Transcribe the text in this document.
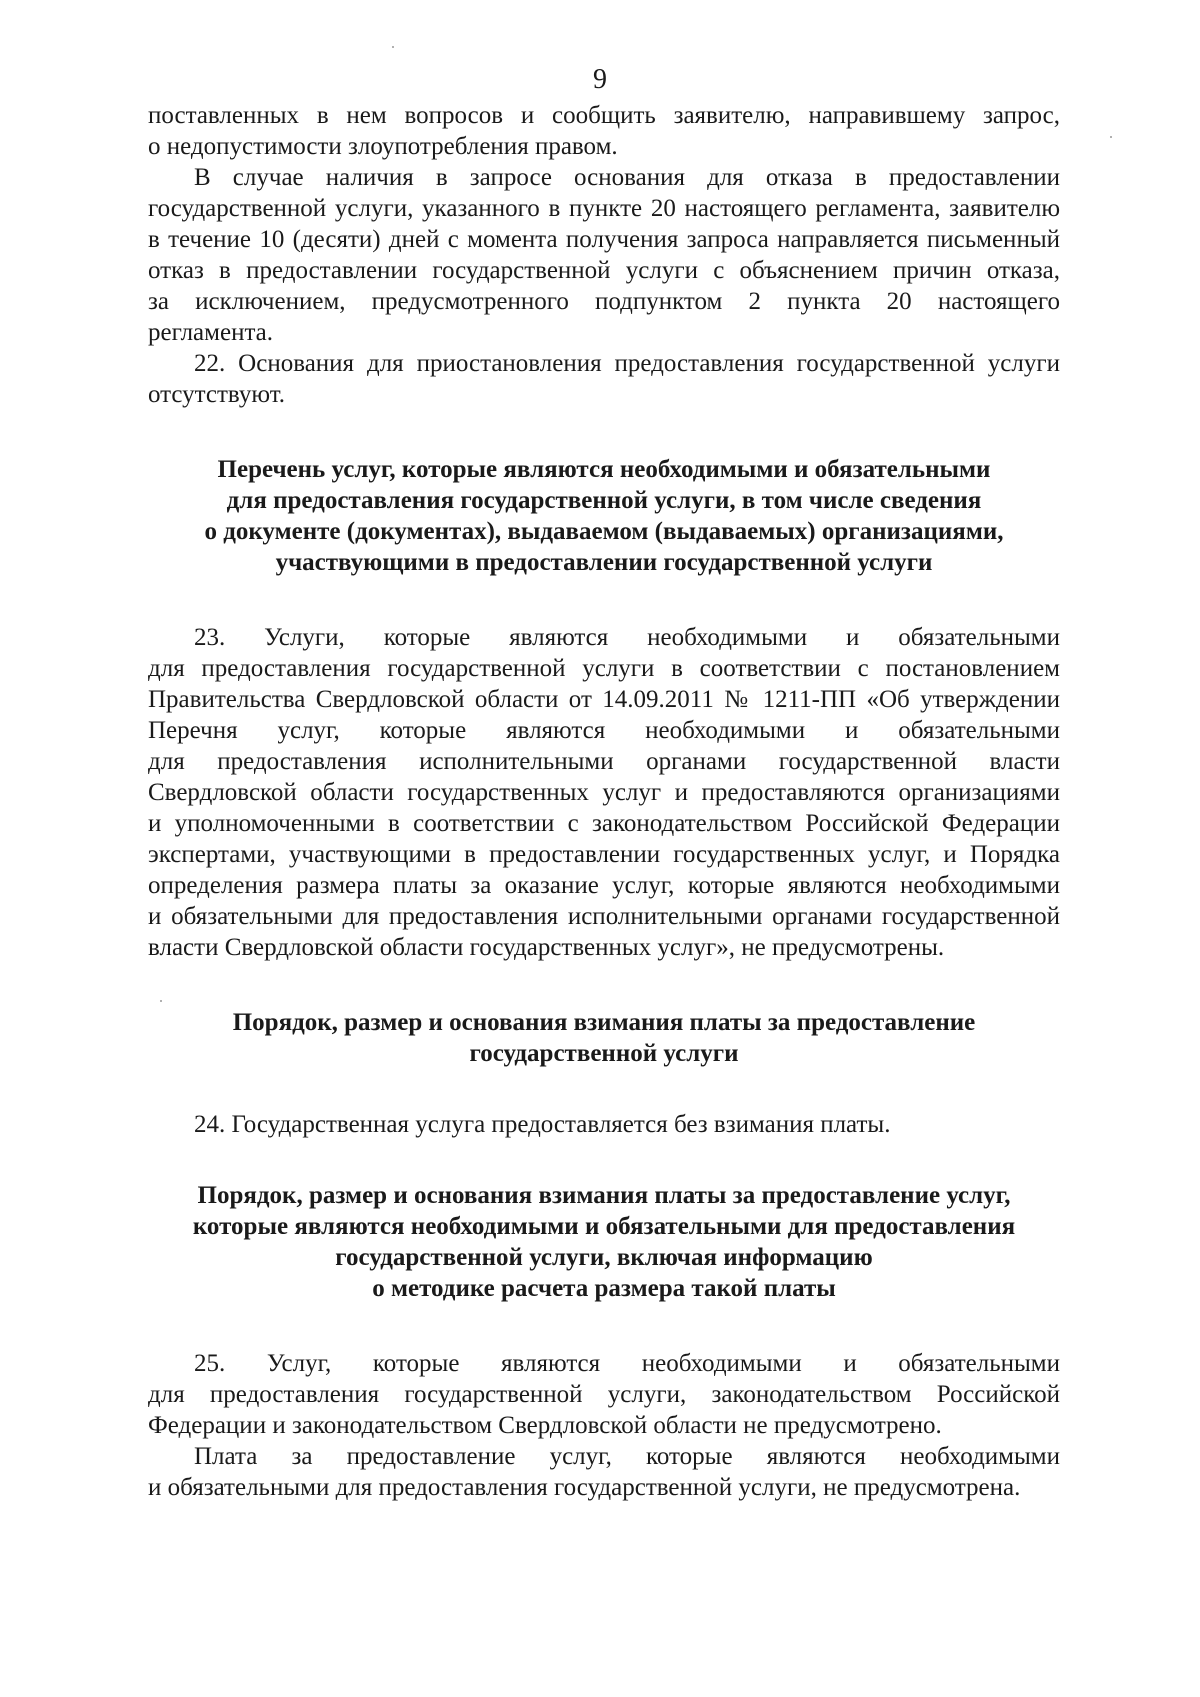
9
поставленных в нем вопросов и сообщить заявителю, направившему запрос,
о недопустимости злоупотребления правом.
В случае наличия в запросе основания для отказа в предоставлении
государственной услуги, указанного в пункте 20 настоящего регламента, заявителю
в течение 10 (десяти) дней с момента получения запроса направляется письменный
отказ в предоставлении государственной услуги с объяснением причин отказа,
за исключением, предусмотренного подпунктом 2 пункта 20 настоящего
регламента.
22. Основания для приостановления предоставления государственной услуги
отсутствуют.
Перечень услуг, которые являются необходимыми и обязательными
для предоставления государственной услуги, в том числе сведения
о документе (документах), выдаваемом (выдаваемых) организациями,
участвующими в предоставлении государственной услуги
23. Услуги, которые являются необходимыми и обязательными
для предоставления государственной услуги в соответствии с постановлением
Правительства Свердловской области от 14.09.2011 № 1211-ПП «Об утверждении
Перечня услуг, которые являются необходимыми и обязательными
для предоставления исполнительными органами государственной власти
Свердловской области государственных услуг и предоставляются организациями
и уполномоченными в соответствии с законодательством Российской Федерации
экспертами, участвующими в предоставлении государственных услуг, и Порядка
определения размера платы за оказание услуг, которые являются необходимыми
и обязательными для предоставления исполнительными органами государственной
власти Свердловской области государственных услуг», не предусмотрены.
Порядок, размер и основания взимания платы за предоставление
государственной услуги
24. Государственная услуга предоставляется без взимания платы.
Порядок, размер и основания взимания платы за предоставление услуг,
которые являются необходимыми и обязательными для предоставления
государственной услуги, включая информацию
о методике расчета размера такой платы
25. Услуг, которые являются необходимыми и обязательными
для предоставления государственной услуги, законодательством Российской
Федерации и законодательством Свердловской области не предусмотрено.
Плата за предоставление услуг, которые являются необходимыми
и обязательными для предоставления государственной услуги, не предусмотрена.
